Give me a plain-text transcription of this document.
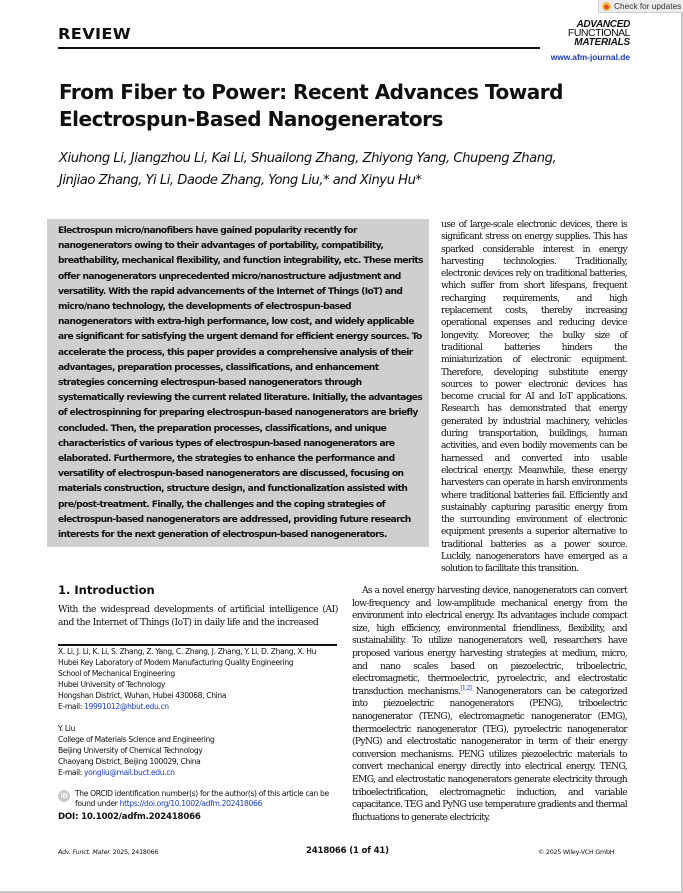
Check for updates
REVIEW
ADVANCED
FUNCTIONAL
MATERIALS
www.afm-journal.de
From Fiber to Power: Recent Advances Toward
Electrospun-Based Nanogenerators
Xiuhong Li, Jiangzhou Li, Kai Li, Shuailong Zhang, Zhiyong Yang, Chupeng Zhang,
Jinjiao Zhang, Yi Li, Daode Zhang, Yong Liu,* and Xinyu Hu*
Electrospun micro/nanofibers have gained popularity recently for nanogenerators owing to their advantages of portability, compatibility, breathability, mechanical flexibility, and function integrability, etc. These merits offer nanogenerators unprecedented micro/nanostructure adjustment and versatility. With the rapid advancements of the Internet of Things (IoT) and micro/nano technology, the developments of electrospun-based nanogenerators with extra-high performance, low cost, and widely applicable are significant for satisfying the urgent demand for efficient energy sources. To accelerate the process, this paper provides a comprehensive analysis of their advantages, preparation processes, classifications, and enhancement strategies concerning electrospun-based nanogenerators through systematically reviewing the current related literature. Initially, the advantages of electrospinning for preparing electrospun-based nanogenerators are briefly concluded. Then, the preparation processes, classifications, and unique characteristics of various types of electrospun-based nanogenerators are elaborated. Furthermore, the strategies to enhance the performance and versatility of electrospun-based nanogenerators are discussed, focusing on materials construction, structure design, and functionalization assisted with pre/post-treatment. Finally, the challenges and the coping strategies of electrospun-based nanogenerators are addressed, providing future research interests for the next generation of electrospun-based nanogenerators.
use of large-scale electronic devices, there is significant stress on energy supplies. This has sparked considerable interest in energy harvesting technologies. Traditionally, electronic devices rely on traditional batteries, which suffer from short lifespans, frequent recharging requirements, and high replacement costs, thereby increasing operational expenses and reducing device longevity. Moreover, the bulky size of traditional batteries hinders the miniaturization of electronic equipment. Therefore, developing substitute energy sources to power electronic devices has become crucial for AI and IoT applications. Research has demonstrated that energy generated by industrial machinery, vehicles during transportation, buildings, human activities, and even bodily movements can be harnessed and converted into usable electrical energy. Meanwhile, these energy harvesters can operate in harsh environments where traditional batteries fail. Efficiently and sustainably capturing parasitic energy from the surrounding environment of electronic equipment presents a superior alternative to traditional batteries as a power source. Luckily, nanogenerators have emerged as a solution to facilitate this transition.
1. Introduction
With the widespread developments of artificial intelligence (AI) and the Internet of Things (IoT) in daily life and the increased
As a novel energy harvesting device, nanogenerators can convert low-frequency and low-amplitude mechanical energy from the environment into electrical energy. Its advantages include compact size, high efficiency, environmental friendliness, flexibility, and sustainability. To utilize nanogenerators well, researchers have proposed various energy harvesting strategies at medium, micro, and nano scales based on piezoelectric, triboelectric, electromagnetic, thermoelectric, pyroelectric, and electrostatic transduction mechanisms.[1,2] Nanogenerators can be categorized into piezoelectric nanogenerators (PENG), triboelectric nanogenerator (TENG), electromagnetic nanogenerator (EMG), thermoelectric nanogenerator (TEG), pyroelectric nanogenerator (PyNG) and electrostatic nanogenerator in term of their energy conversion mechanisms. PENG utilizes piezoelectric materials to convert mechanical energy directly into electrical energy. TENG, EMG, and electrostatic nanogenerators generate electricity through triboelectrification, electromagnetic induction, and variable capacitance. TEG and PyNG use temperature gradients and thermal fluctuations to generate electricity.
X. Li, J. Li, K. Li, S. Zhang, Z. Yang, C. Zhang, J. Zhang, Y. Li, D. Zhang, X. Hu
Hubei Key Laboratory of Modern Manufacturing Quality Engineering
School of Mechanical Engineering
Hubei University of Technology
Hongshan District, Wuhan, Hubei 430068, China
E-mail: 19991012@hbut.edu.cn
Y. Liu
College of Materials Science and Engineering
Beijing University of Chemical Technology
Chaoyang District, Beijing 100029, China
E-mail: yongliu@mail.buct.edu.cn
iD The ORCID identification number(s) for the author(s) of this article can be found under https://doi.org/10.1002/adfm.202418066
DOI: 10.1002/adfm.202418066
Adv. Funct. Mater. 2025, 2418066	2418066 (1 of 41)	© 2025 Wiley-VCH GmbH
